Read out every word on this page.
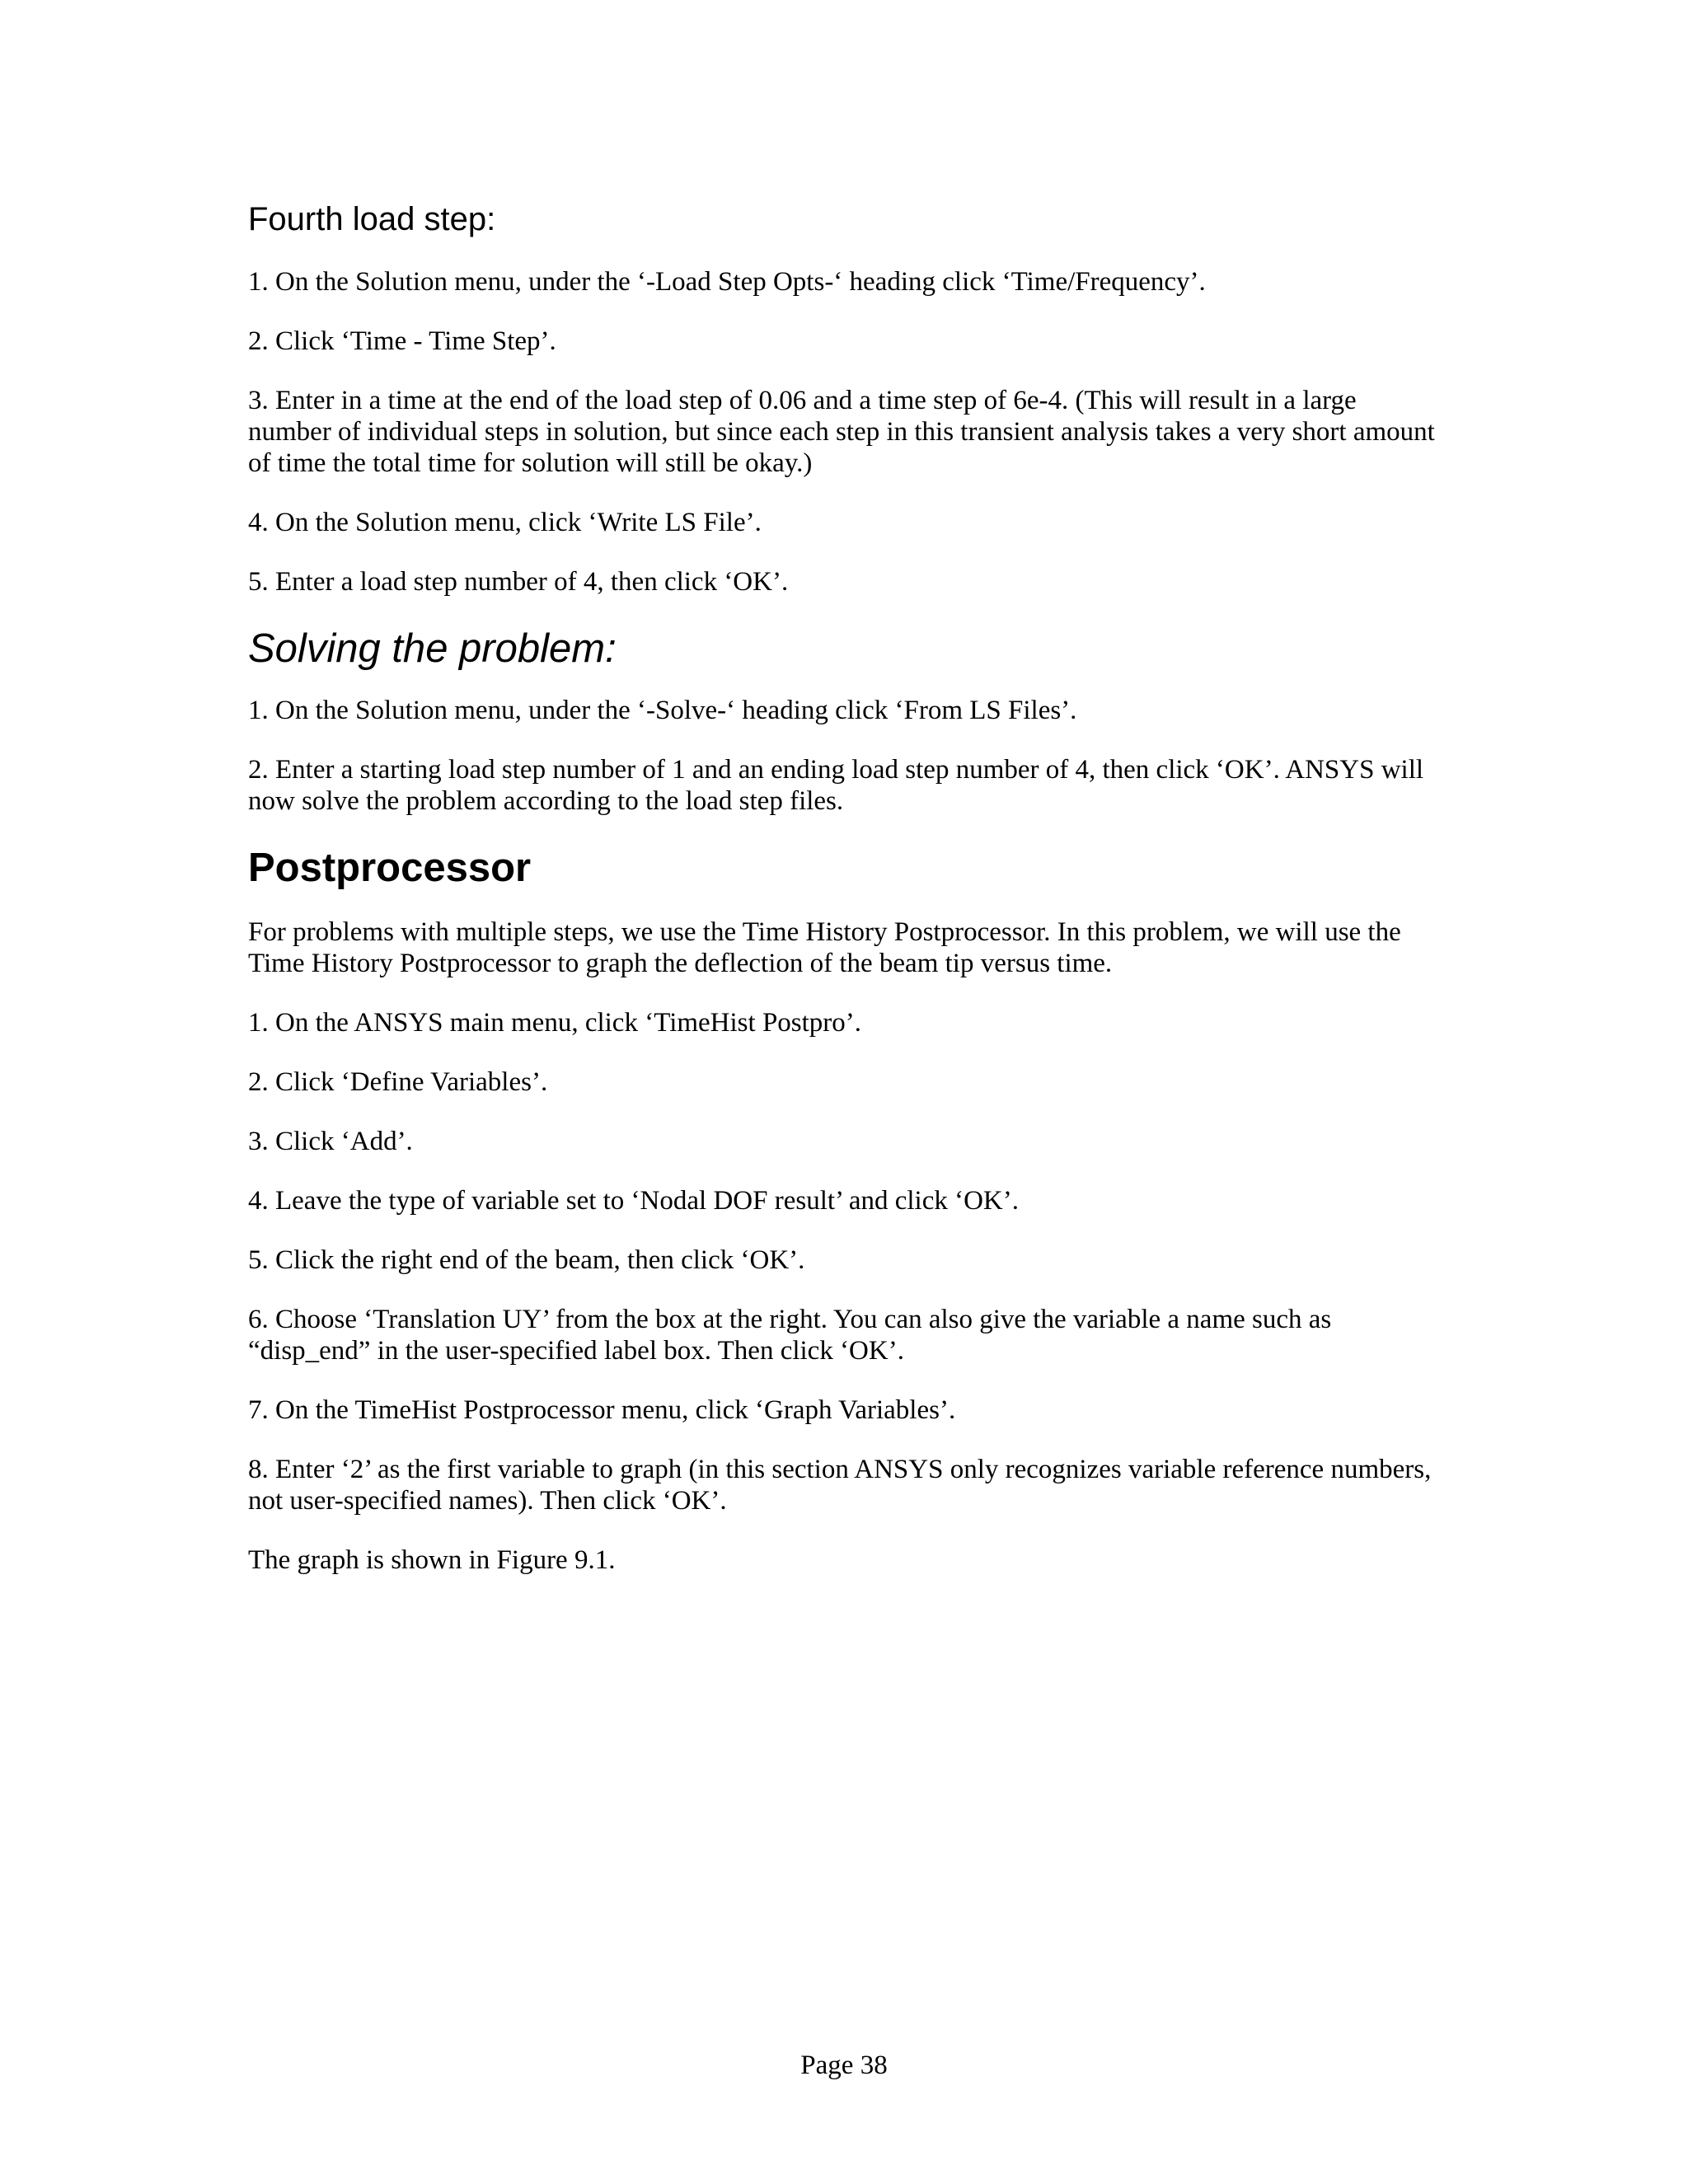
Fourth load step:

1. On the Solution menu, under the ‘-Load Step Opts-‘ heading click ‘Time/Frequency’.

2. Click ‘Time - Time Step’.

3. Enter in a time at the end of the load step of 0.06 and a time step of 6e-4. (This will result in a large number of individual steps in solution, but since each step in this transient analysis takes a very short amount of time the total time for solution will still be okay.)

4. On the Solution menu, click ‘Write LS File’.

5. Enter a load step number of 4, then click ‘OK’.

Solving the problem:

1. On the Solution menu, under the ‘-Solve-‘ heading click ‘From LS Files’.

2. Enter a starting load step number of 1 and an ending load step number of 4, then click ‘OK’. ANSYS will now solve the problem according to the load step files.

Postprocessor

For problems with multiple steps, we use the Time History Postprocessor. In this problem, we will use the Time History Postprocessor to graph the deflection of the beam tip versus time.

1. On the ANSYS main menu, click ‘TimeHist Postpro’.

2. Click ‘Define Variables’.

3. Click ‘Add’.

4. Leave the type of variable set to ‘Nodal DOF result’ and click ‘OK’.

5. Click the right end of the beam, then click ‘OK’.

6. Choose ‘Translation UY’ from the box at the right. You can also give the variable a name such as “disp_end” in the user-specified label box. Then click ‘OK’.

7. On the TimeHist Postprocessor menu, click ‘Graph Variables’.

8. Enter ‘2’ as the first variable to graph (in this section ANSYS only recognizes variable reference numbers, not user-specified names). Then click ‘OK’.

The graph is shown in Figure 9.1.

Page 38
